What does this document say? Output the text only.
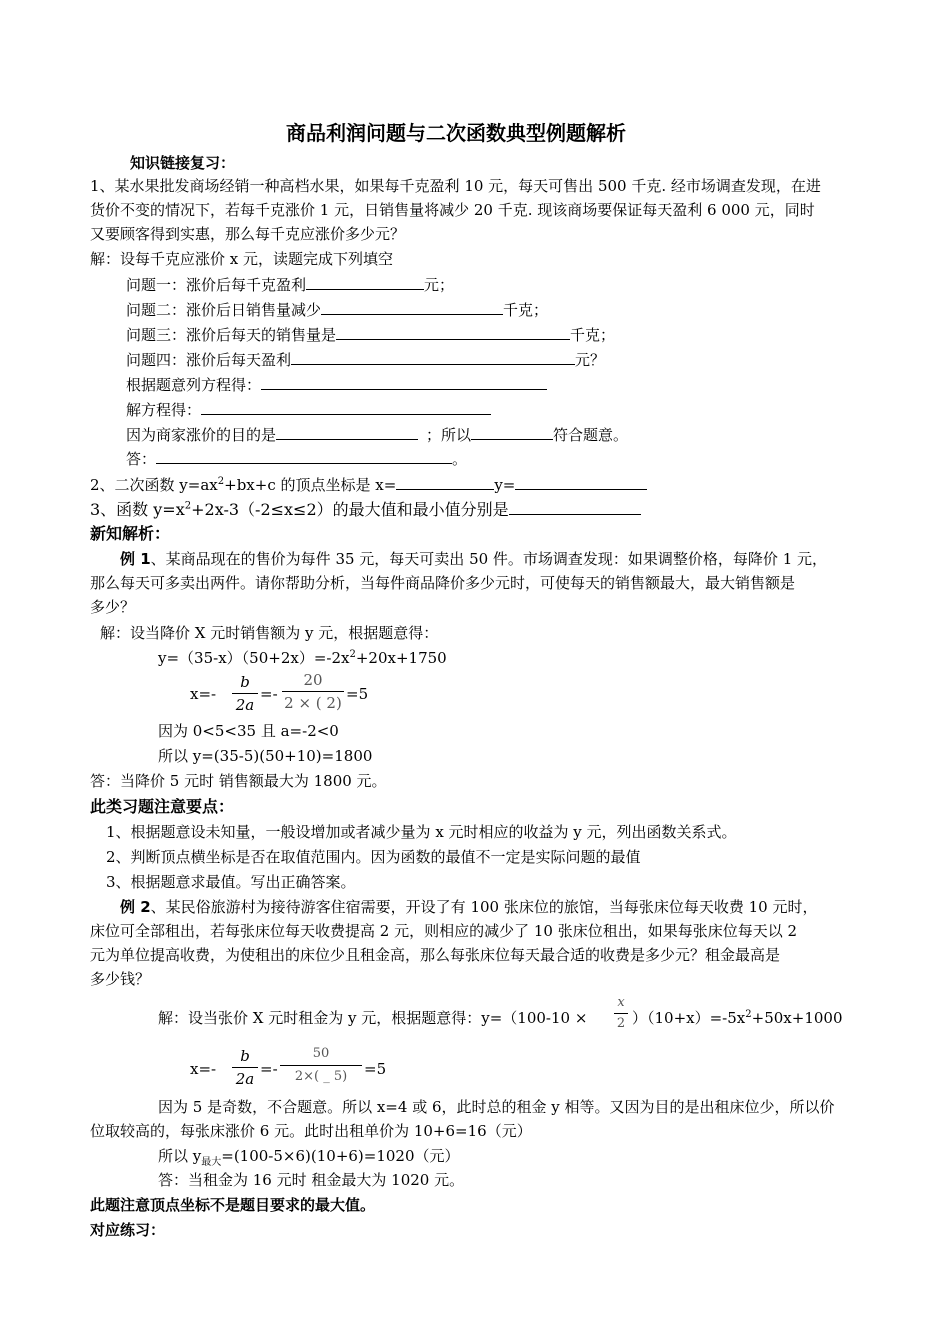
商品利润问题与二次函数典型例题解析
知识链接复习：
1、某水果批发商场经销一种高档水果，如果每千克盈利 10 元，每天可售出 500 千克. 经市场调查发现，在进
货价不变的情况下，若每千克涨价 1 元，日销售量将减少 20 千克. 现该商场要保证每天盈利 6 000 元，同时
又要顾客得到实惠，那么每千克应涨价多少元？
解：设每千克应涨价 x 元，读题完成下列填空
问题一：涨价后每千克盈利	元；
问题二：涨价后日销售量减少	千克；
问题三：涨价后每天的销售量是	千克；
问题四：涨价后每天盈利	元？
根据题意列方程得：
解方程得：
因为商家涨价的目的是	；所以	符合题意。
答：	。
2、二次函数 $y=ax^2+bx+c$ 的顶点坐标是 x=	y=
3、函数 $y=x^2+2x-3(-2\le x\le 2)$的最大值和最小值分别是
新知解析：
例 1、某商品现在的售价为每件 35 元，每天可卖出 50 件。市场调查发现：如果调整价格，每降价 1 元，
那么每天可多卖出两件。请你帮助分析，当每件商品降价多少元时，可使每天的销售额最大，最大销售额是
多少？
解：设当降价 X 元时销售额为 y 元，根据题意得：
$y=(35-x)(50+2x)=-2x^2+20x+1750$
x=-
b
2a
=-
20
2 × ( 2) =5
因为 0<5<35 且 a=-2<0
所以 y=(35-5)(50+10)=1800
答：当降价 5 元时 销售额最大为 1800 元。
此类习题注意要点：
1、根据题意设未知量，一般设增加或者减少量为 x 元时相应的收益为 y 元，列出函数关系式。
2、判断顶点横坐标是否在取值范围内。因为函数的最值不一定是实际问题的最值
3、根据题意求最值。写出正确答案。
例 2、某民俗旅游村为接待游客住宿需要，开设了有 100 张床位的旅馆，当每张床位每天收费 10 元时，
床位可全部租出，若每张床位每天收费提高 2 元，则相应的减少了 10 张床位租出，如果每张床位每天以 2
元为单位提高收费，为使租出的床位少且租金高，那么每张床位每天最合适的收费是多少元？租金最高是
多少钱？
解：设当张价 X 元时租金为 y 元，根据题意得：y=（100-10 ×
x
2 ）$(10+x)=-5x^2+50x+1000$
x=-
b
2a
=-
50
2×( _ 5)	=5
因为 5 是奇数，不合题意。所以 x=4 或 6，此时总的租金 y 相等。又因为目的是出租床位少，所以价
位取较高的，每张床涨价 6 元。此时出租单价为 10+6=16（元）
所以 $y_{最大}=(100-5\times 6)(10+6)=1020$（元）
答：当租金为 16 元时 租金最大为 1020 元。
此题注意顶点坐标不是题目要求的最大值。
对应练习：
